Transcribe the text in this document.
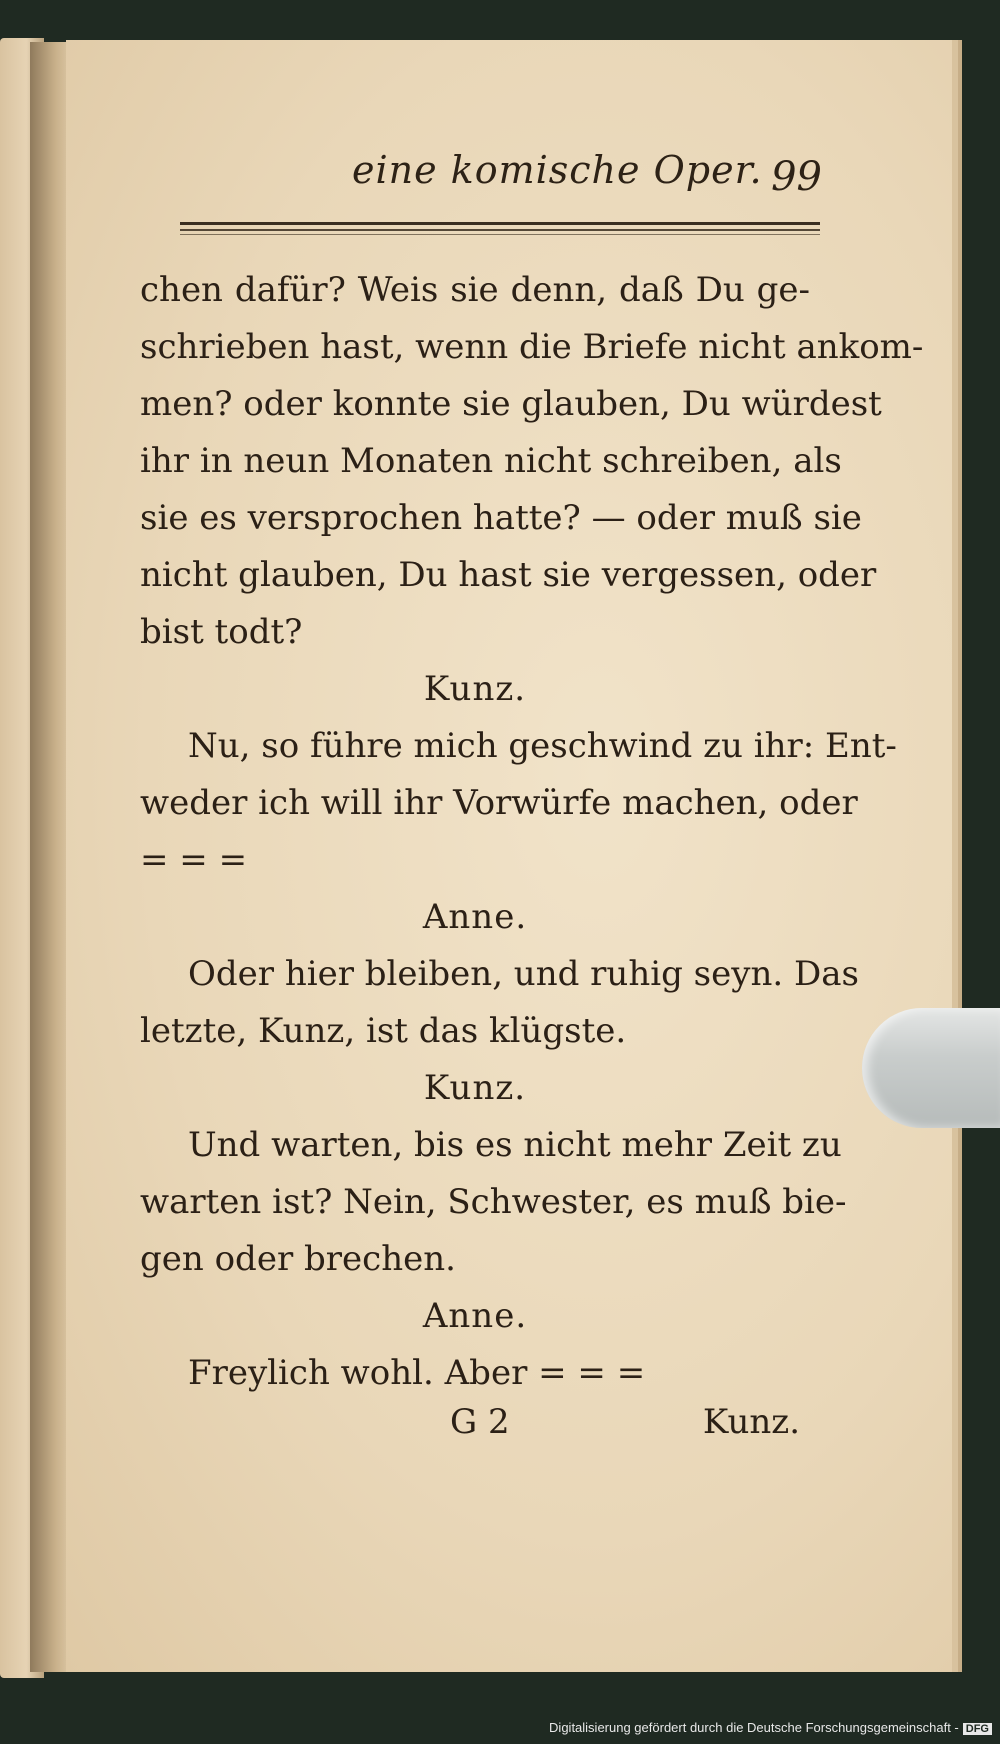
eine komische Oper. 99
chen dafür? Weis sie denn, daß Du ge-
schrieben hast, wenn die Briefe nicht ankom-
men? oder konnte sie glauben, Du würdest
ihr in neun Monaten nicht schreiben, als
sie es versprochen hatte? — oder muß sie
nicht glauben, Du hast sie vergessen, oder
bist todt?
Kunz.
Nu, so führe mich geschwind zu ihr: Ent-
weder ich will ihr Vorwürfe machen, oder
= = =
Anne.
Oder hier bleiben, und ruhig seyn. Das
letzte, Kunz, ist das klügste.
Kunz.
Und warten, bis es nicht mehr Zeit zu
warten ist? Nein, Schwester, es muß bie-
gen oder brechen.
Anne.
Freylich wohl. Aber = = =
G 2	Kunz.
Digitalisierung gefördert durch die Deutsche Forschungsgemeinschaft - DFG
